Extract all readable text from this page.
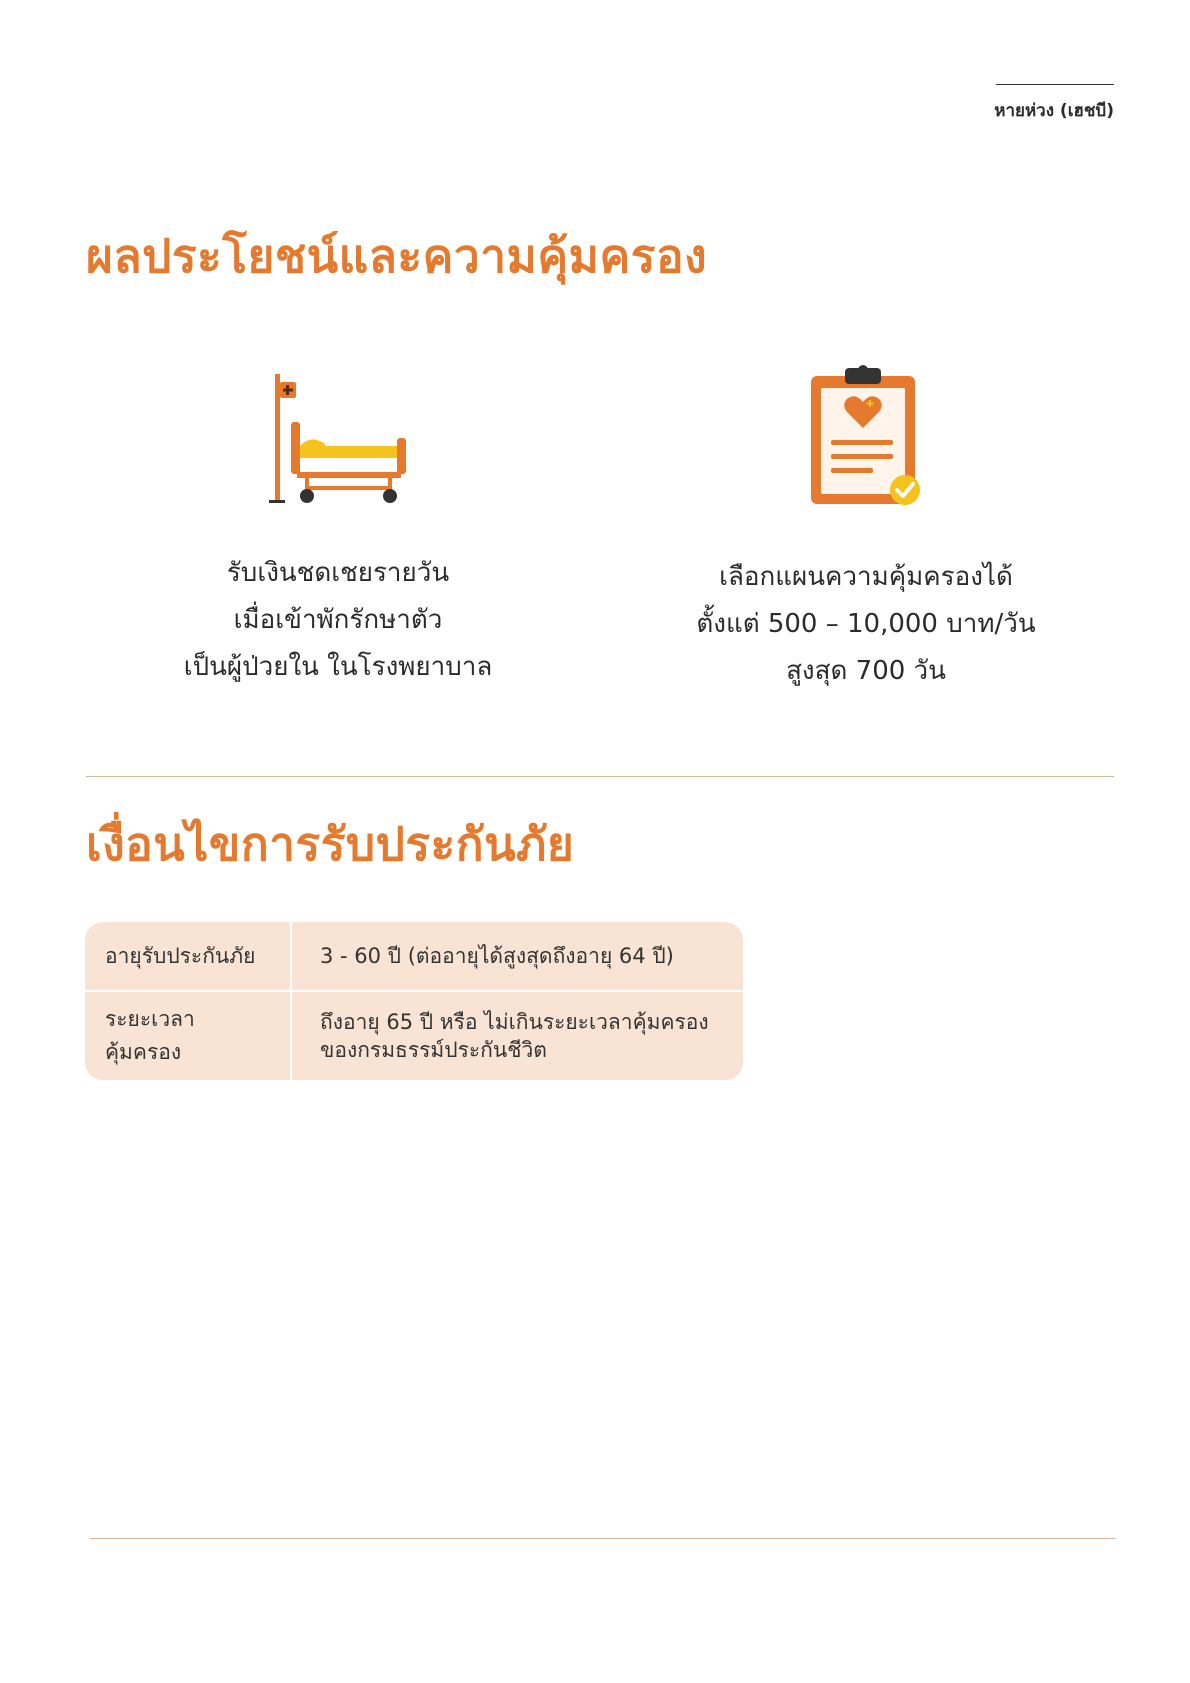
หายห่วง (เฮชบี)
ผลประโยชน์และความคุ้มครอง
รับเงินชดเชยรายวัน
เมื่อเข้าพักรักษาตัว
เป็นผู้ป่วยใน ในโรงพยาบาล
เลือกแผนความคุ้มครองได้
ตั้งแต่ 500 – 10,000 บาท/วัน
สูงสุด 700 วัน
เงื่อนไขการรับประกันภัย
อายุรับประกันภัย	3 - 60 ปี (ต่ออายุได้สูงสุดถึงอายุ 64 ปี)
ระยะเวลาคุ้มครอง
ถึงอายุ 65 ปี หรือ ไม่เกินระยะเวลาคุ้มครอง
ของกรมธรรม์ประกันชีวิต
